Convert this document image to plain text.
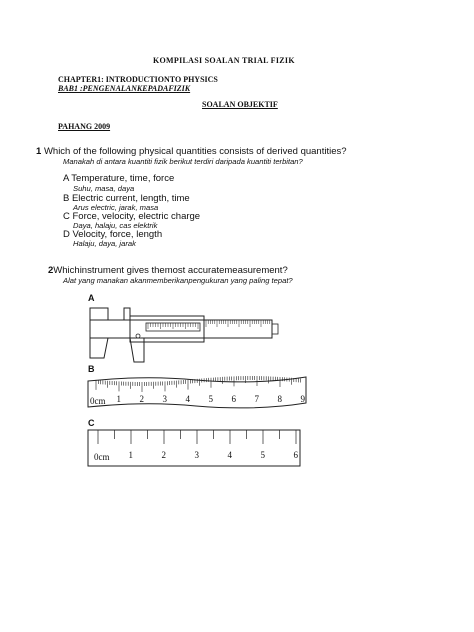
KOMPILASI SOALAN TRIAL FIZIK
CHAPTER1: INTRODUCTIONTO PHYSICS
BAB1 :PENGENALANKEPADAFIZIK
SOALAN OBJEKTIF
PAHANG 2009
1 Which of the following physical quantities consists of derived quantities?
Manakah di antara kuantiti fizik berikut terdiri daripada kuantiti terbitan?
A Temperature, time, force
Suhu, masa, daya
B Electric current, length, time
Arus electric, jarak, masa
C Force, velocity, electric charge
Daya, halaju, cas elektrik
D Velocity, force, length
Halaju, daya, jarak
2Whichinstrument gives themost accuratemeasurement?
Alat yang manakan akanmemberikanpengukuran yang paling tepat?
A
B
0cm 1 2 3 4 5 6 7 8 9
C
0cm 1	2	3	4	5	6
